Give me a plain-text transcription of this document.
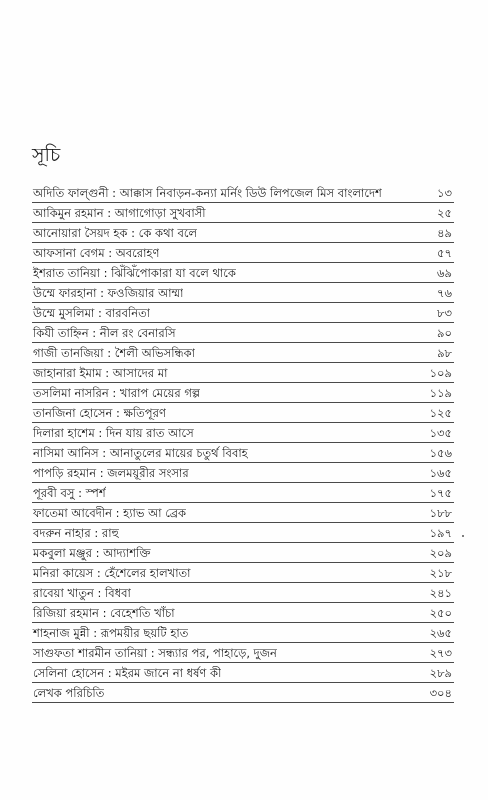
সূচি
অদিতি ফাল্গুনী : আক্কাস নিবাড়ন-কন্যা মর্নিং ডিউ লিপজেল মিস বাংলাদেশ	১৩
আকিমুন রহমান : আগাগোড়া সুখবাসী	২৫
আনোয়ারা সৈয়দ হক : কে কথা বলে	৪৯
আফসানা বেগম : অবরোহণ	৫৭
ইশরাত তানিয়া : ঝিঁঝিঁপোকারা যা বলে থাকে	৬৯
উম্মে ফারহানা : ফওজিয়ার আম্মা	৭৬
উম্মে মুসলিমা : বারবনিতা	৮৩
কিযী তাহ্নিন : নীল রং বেনারসি	৯০
গাজী তানজিয়া : শৈলী অভিসন্ধিকা	৯৮
জাহানারা ইমাম : আসাদের মা	১০৯
তসলিমা নাসরিন : খারাপ মেয়ের গল্প	১১৯
তানজিনা হোসেন : ক্ষতিপূরণ	১২৫
দিলারা হাশেম : দিন যায় রাত আসে	১৩৫
নাসিমা আনিস : আনাতুলের মায়ের চতুর্থ বিবাহ	১৫৬
পাপড়ি রহমান : জলময়ূরীর সংসার	১৬৫
পূরবী বসু : স্পর্শ	১৭৫
ফাতেমা আবেদীন : হ্যাভ আ ব্রেক	১৮৮
বদরুন নাহার : রাহু	১৯৭
মকবুলা মঞ্জুর : আদ্যাশক্তি	২০৯
মনিরা কায়েস : হেঁশেলের হালখাতা	২১৮
রাবেয়া খাতুন : বিধবা	২৪১
রিজিয়া রহমান : বেহেশতি খাঁচা	২৫০
শাহনাজ মুন্নী : রূপময়ীর ছয়টি হাত	২৬৫
সাগুফতা শারমীন তানিয়া : সন্ধ্যার পর, পাহাড়ে, দুজন	২৭৩
সেলিনা হোসেন : মইরম জানে না ধর্ষণ কী	২৮৯
লেখক পরিচিতি	৩০৪
